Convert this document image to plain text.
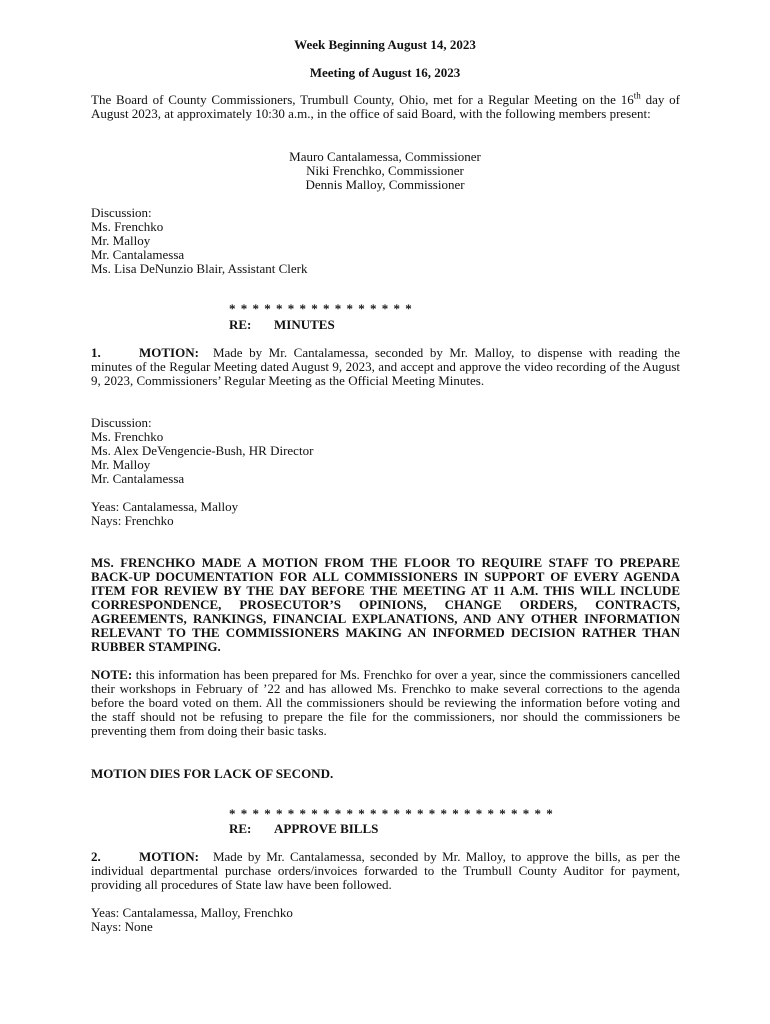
Week Beginning August 14, 2023
Meeting of August 16, 2023
The Board of County Commissioners, Trumbull County, Ohio, met for a Regular Meeting on the 16th day of August 2023, at approximately 10:30 a.m., in the office of said Board, with the following members present:
Mauro Cantalamessa, Commissioner
Niki Frenchko, Commissioner
Dennis Malloy, Commissioner
Discussion:
Ms. Frenchko
Mr. Malloy
Mr. Cantalamessa
Ms. Lisa DeNunzio Blair, Assistant Clerk
* * * * * * * * * * * * * * * *
RE: MINUTES
1.	MOTION: Made by Mr. Cantalamessa, seconded by Mr. Malloy, to dispense with reading the minutes of the Regular Meeting dated August 9, 2023, and accept and approve the video recording of the August 9, 2023, Commissioners’ Regular Meeting as the Official Meeting Minutes.
Discussion:
Ms. Frenchko
Ms. Alex DeVengencie-Bush, HR Director
Mr. Malloy
Mr. Cantalamessa
Yeas: Cantalamessa, Malloy
Nays: Frenchko
MS. FRENCHKO MADE A MOTION FROM THE FLOOR TO REQUIRE STAFF TO PREPARE BACK-UP DOCUMENTATION FOR ALL COMMISSIONERS IN SUPPORT OF EVERY AGENDA ITEM FOR REVIEW BY THE DAY BEFORE THE MEETING AT 11 A.M. THIS WILL INCLUDE CORRESPONDENCE, PROSECUTOR’S OPINIONS, CHANGE ORDERS, CONTRACTS, AGREEMENTS, RANKINGS, FINANCIAL EXPLANATIONS, AND ANY OTHER INFORMATION RELEVANT TO THE COMMISSIONERS MAKING AN INFORMED DECISION RATHER THAN RUBBER STAMPING.
NOTE: this information has been prepared for Ms. Frenchko for over a year, since the commissioners cancelled their workshops in February of ’22 and has allowed Ms. Frenchko to make several corrections to the agenda before the board voted on them. All the commissioners should be reviewing the information before voting and the staff should not be refusing to prepare the file for the commissioners, nor should the commissioners be preventing them from doing their basic tasks.
MOTION DIES FOR LACK OF SECOND.
* * * * * * * * * * * * * * * * * * * * * * * * * * * *
RE: APPROVE BILLS
2.	MOTION: Made by Mr. Cantalamessa, seconded by Mr. Malloy, to approve the bills, as per the individual departmental purchase orders/invoices forwarded to the Trumbull County Auditor for payment, providing all procedures of State law have been followed.
Yeas: Cantalamessa, Malloy, Frenchko
Nays: None
